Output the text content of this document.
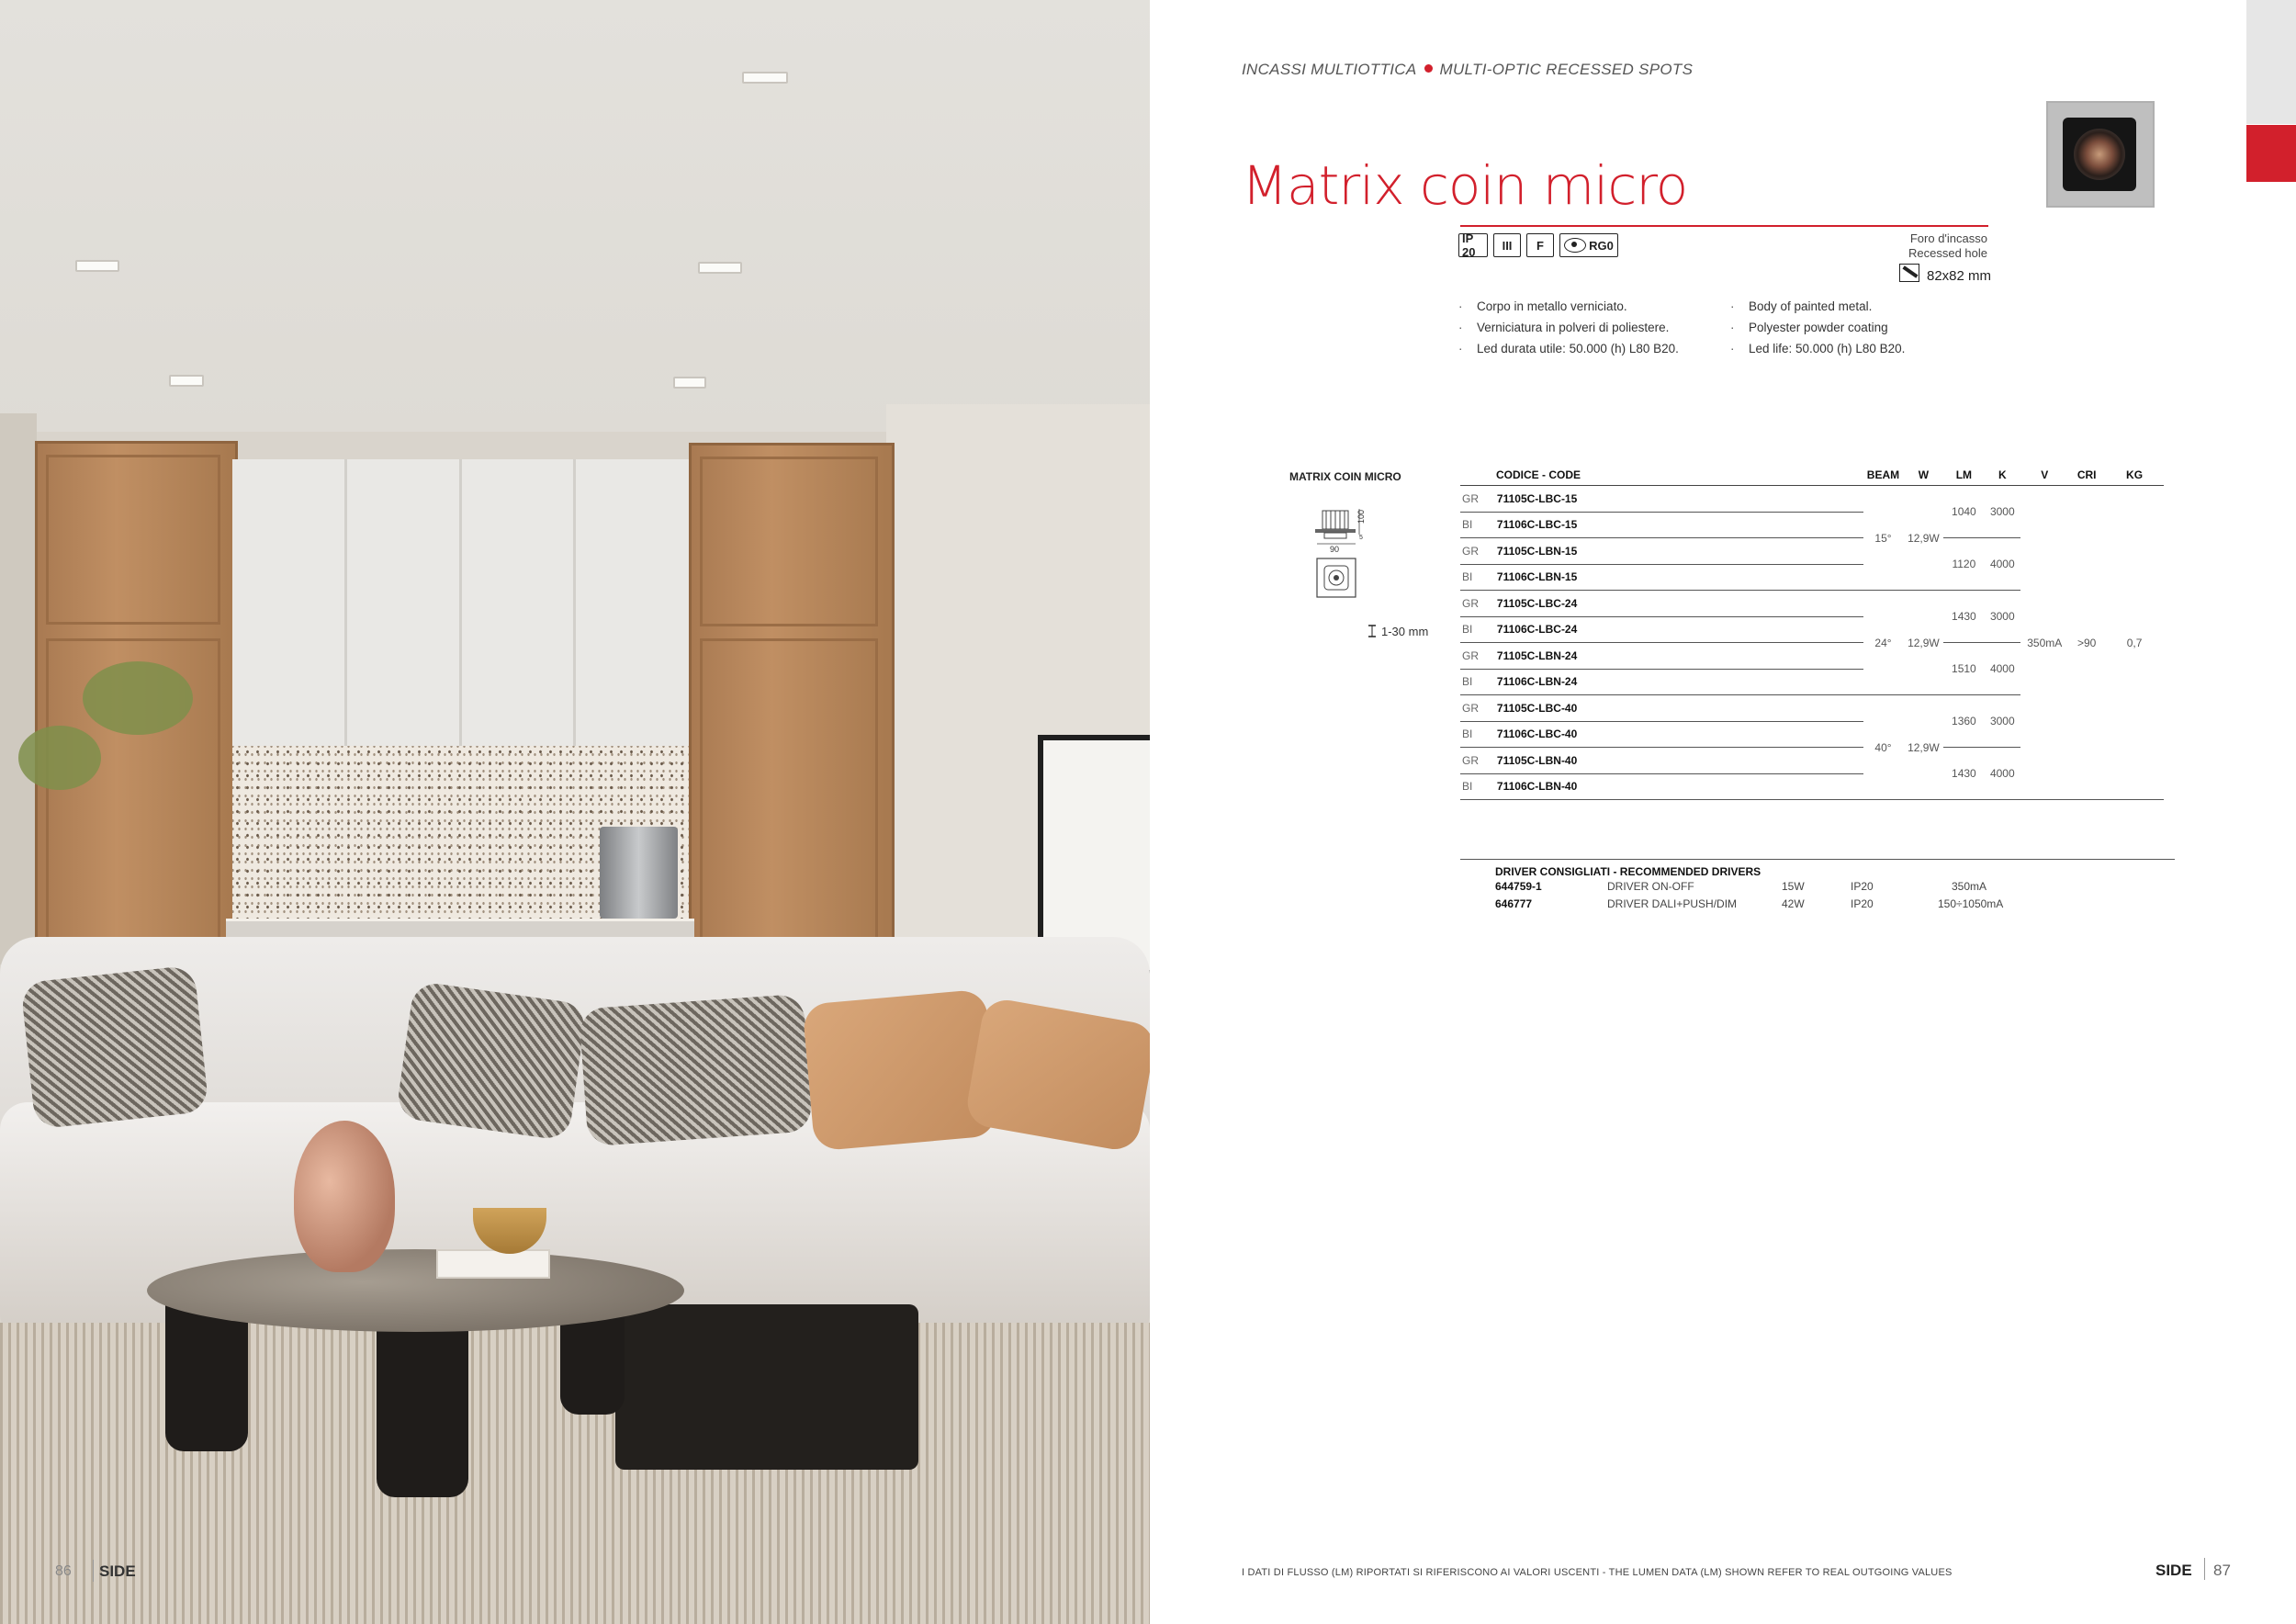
86 SIDE
INCASSI MULTIOTTICA MULTI-OPTIC RECESSED SPOTS
Matrix coin micro
IP 20	III	F	RG0	Foro d'incasso
Recessed hole
82x82 mm
· Corpo in metallo verniciato.
· Verniciatura in polveri di poliestere.
· Led durata utile: 50.000 (h) L80 B20.
· Body of painted metal.
· Polyester powder coating
· Led life: 50.000 (h) L80 B20.
MATRIX COIN MICRO
100
5
90
1-30 mm
CODICE - CODE		BEAM	W	LM	K	V	CRI	KG
GR	71105C-LBC-15	15°	12,9W	1040	3000	350mA	>90	0,7
BI	71106C-LBC-15							
GR	71105C-LBN-15			1120	4000			
BI	71106C-LBN-15							
GR	71105C-LBC-24	24°	12,9W	1430	3000			
BI	71106C-LBC-24							
GR	71105C-LBN-24			1510	4000			
BI	71106C-LBN-24							
GR	71105C-LBC-40	40°	12,9W	1360	3000			
BI	71106C-LBC-40							
GR	71105C-LBN-40			1430	4000			
BI	71106C-LBN-40							
DRIVER CONSIGLIATI - RECOMMENDED DRIVERS
644759-1	DRIVER ON-OFF	15W	IP20	350mA
646777	DRIVER DALI+PUSH/DIM	42W	IP20	150÷1050mA
I DATI DI FLUSSO (LM) RIPORTATI SI RIFERISCONO AI VALORI USCENTI - THE LUMEN DATA (LM) SHOWN REFER TO REAL OUTGOING VALUES	SIDE 87
